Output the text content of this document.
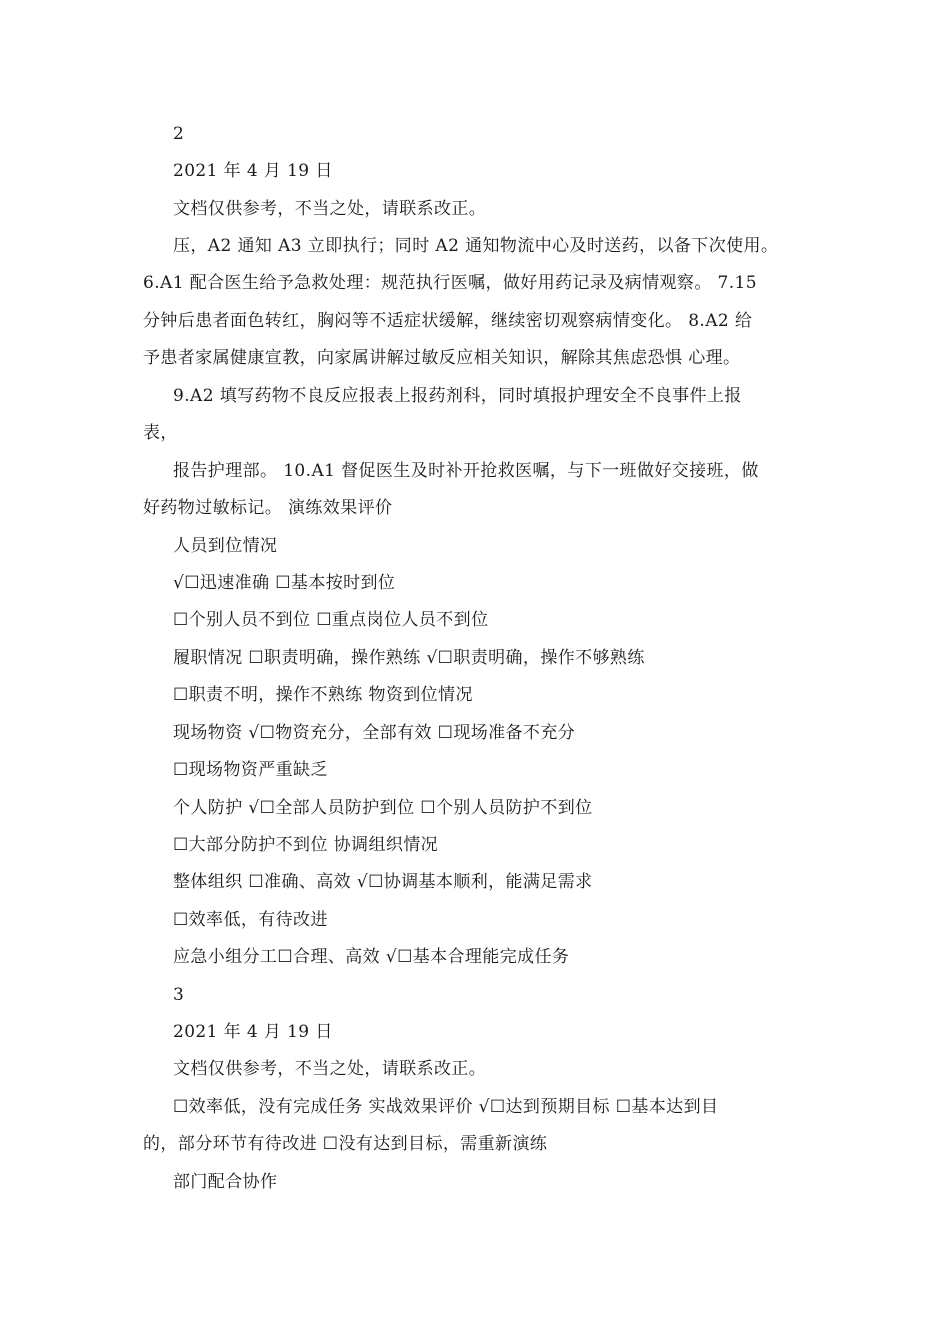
2
2021 年 4 月 19 日
文档仅供参考，不当之处，请联系改正。
压，A2 通知 A3 立即执行；同时 A2 通知物流中心及时送药，以备下次使用。
6.A1 配合医生给予急救处理：规范执行医嘱，做好用药记录及病情观察。 7.15
分钟后患者面色转红，胸闷等不适症状缓解，继续密切观察病情变化。 8.A2 给
予患者家属健康宣教，向家属讲解过敏反应相关知识，解除其焦虑恐惧 心理。
9.A2 填写药物不良反应报表上报药剂科，同时填报护理安全不良事件上报
表，
报告护理部。 10.A1 督促医生及时补开抢救医嘱，与下一班做好交接班，做
好药物过敏标记。 演练效果评价
人员到位情况
√☐迅速准确 ☐基本按时到位
☐个别人员不到位 ☐重点岗位人员不到位
履职情况 ☐职责明确，操作熟练 √☐职责明确，操作不够熟练
☐职责不明，操作不熟练 物资到位情况
现场物资 √☐物资充分，全部有效 ☐现场准备不充分
☐现场物资严重缺乏
个人防护 √☐全部人员防护到位 ☐个别人员防护不到位
☐大部分防护不到位 协调组织情况
整体组织 ☐准确、高效 √☐协调基本顺利，能满足需求
☐效率低，有待改进
应急小组分工☐合理、高效 √☐基本合理能完成任务
3
2021 年 4 月 19 日
文档仅供参考，不当之处，请联系改正。
☐效率低，没有完成任务 实战效果评价 √☐达到预期目标 ☐基本达到目
的，部分环节有待改进 ☐没有达到目标，需重新演练
部门配合协作
